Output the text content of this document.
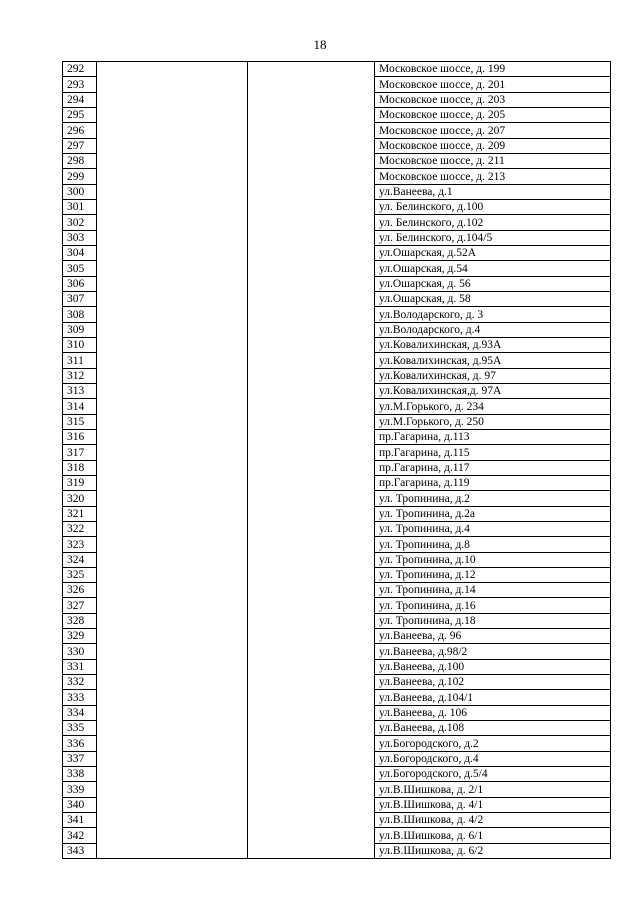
18
292			Московское шоссе, д. 199
293			Московское шоссе, д. 201
294			Московское шоссе, д. 203
295			Московское шоссе, д. 205
296			Московское шоссе, д. 207
297			Московское шоссе, д. 209
298			Московское шоссе, д. 211
299			Московское шоссе, д. 213
300			ул.Ванеева, д.1
301			ул. Белинского, д.100
302			ул. Белинского, д.102
303			ул. Белинского, д.104/5
304			ул.Ошарская, д.52А
305			ул.Ошарская, д.54
306			ул.Ошарская, д. 56
307			ул.Ошарская, д. 58
308			ул.Володарского, д. 3
309			ул.Володарского, д.4
310			ул.Ковалихинская, д.93А
311			ул.Ковалихинская, д.95А
312			ул.Ковалихинская, д. 97
313			ул.Ковалихинская,д. 97А
314			ул.М.Горького, д. 234
315			ул.М.Горького, д. 250
316			пр.Гагарина, д.113
317			пр.Гагарина, д.115
318			пр.Гагарина, д.117
319			пр.Гагарина, д.119
320			ул. Тропинина, д.2
321			ул. Тропинина, д.2а
322			ул. Тропинина, д.4
323			ул. Тропинина, д.8
324			ул. Тропинина, д.10
325			ул. Тропинина, д.12
326			ул. Тропинина, д.14
327			ул. Тропинина, д.16
328			ул. Тропинина, д.18
329			ул.Ванеева, д. 96
330			ул.Ванеева, д.98/2
331			ул.Ванеева, д.100
332			ул.Ванеева, д.102
333			ул.Ванеева, д.104/1
334			ул.Ванеева, д. 106
335			ул.Ванеева, д.108
336			ул.Богородского, д.2
337			ул.Богородского, д.4
338			ул.Богородского, д.5/4
339			ул.В.Шишкова, д. 2/1
340			ул.В.Шишкова, д. 4/1
341			ул.В.Шишкова, д. 4/2
342			ул.В.Шишкова, д. 6/1
343			ул.В.Шишкова, д. 6/2
